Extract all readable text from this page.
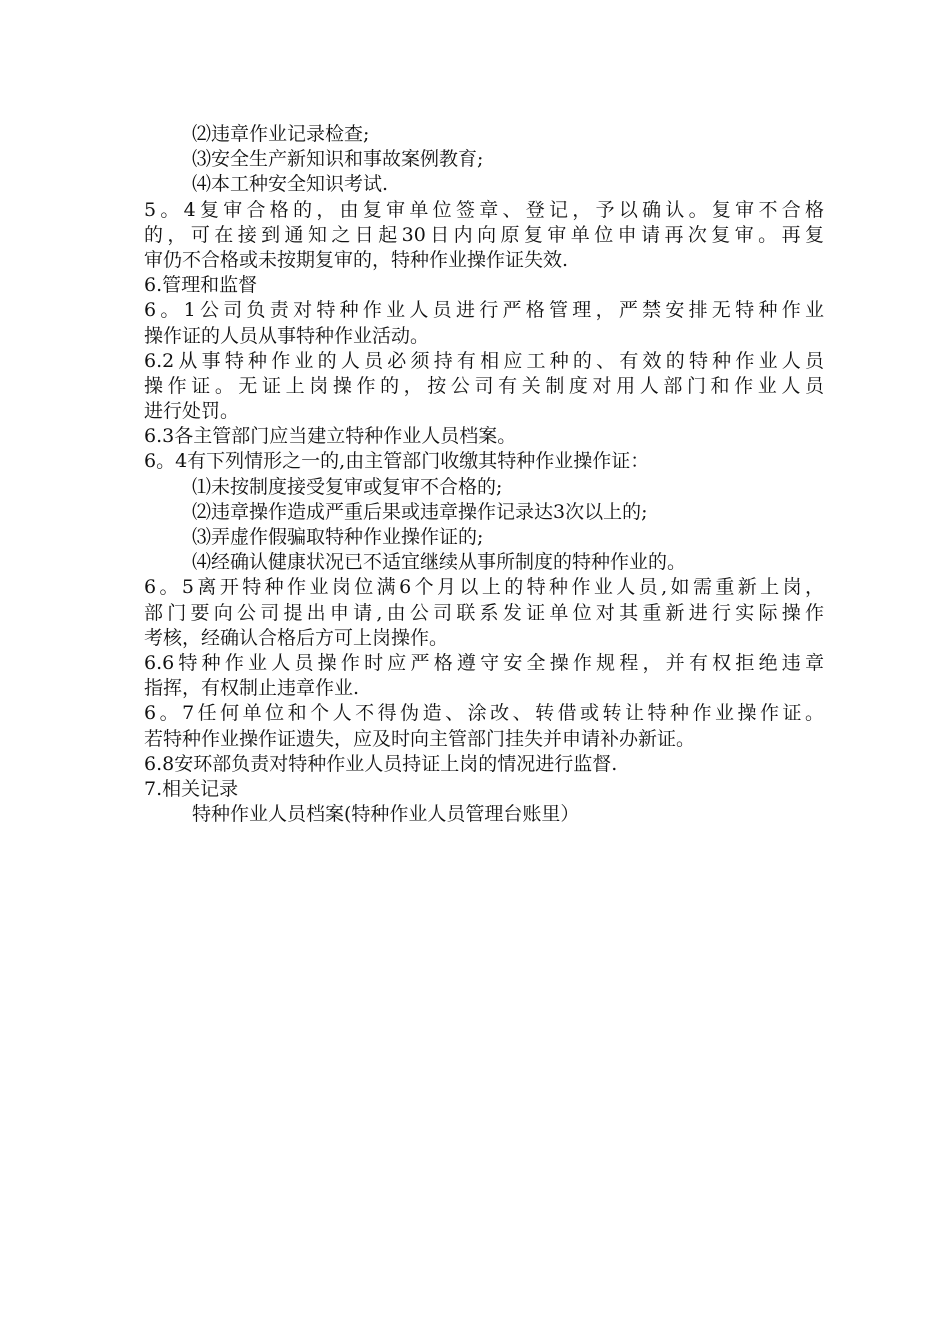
⑵违章作业记录检查;
⑶安全生产新知识和事故案例教育;
⑷本工种安全知识考试.
5。4复审合格的，由复审单位签章、登记，予以确认。复审不合格
的，可在接到通知之日起30日内向原复审单位申请再次复审。再复
审仍不合格或未按期复审的，特种作业操作证失效.
6.管理和监督
6。1公司负责对特种作业人员进行严格管理，严禁安排无特种作业
操作证的人员从事特种作业活动。
6.2从事特种作业的人员必须持有相应工种的、有效的特种作业人员
操作证。无证上岗操作的，按公司有关制度对用人部门和作业人员
进行处罚。
6.3各主管部门应当建立特种作业人员档案。
6。4有下列情形之一的,由主管部门收缴其特种作业操作证：
⑴未按制度接受复审或复审不合格的;
⑵违章操作造成严重后果或违章操作记录达3次以上的;
⑶弄虚作假骗取特种作业操作证的;
⑷经确认健康状况已不适宜继续从事所制度的特种作业的。
6。5离开特种作业岗位满6个月以上的特种作业人员,如需重新上岗，
部门要向公司提出申请,由公司联系发证单位对其重新进行实际操作
考核，经确认合格后方可上岗操作。
6.6特种作业人员操作时应严格遵守安全操作规程，并有权拒绝违章
指挥，有权制止违章作业.
6。7任何单位和个人不得伪造、涂改、转借或转让特种作业操作证。
若特种作业操作证遗失，应及时向主管部门挂失并申请补办新证。
6.8安环部负责对特种作业人员持证上岗的情况进行监督.
7.相关记录
特种作业人员档案(特种作业人员管理台账里）
